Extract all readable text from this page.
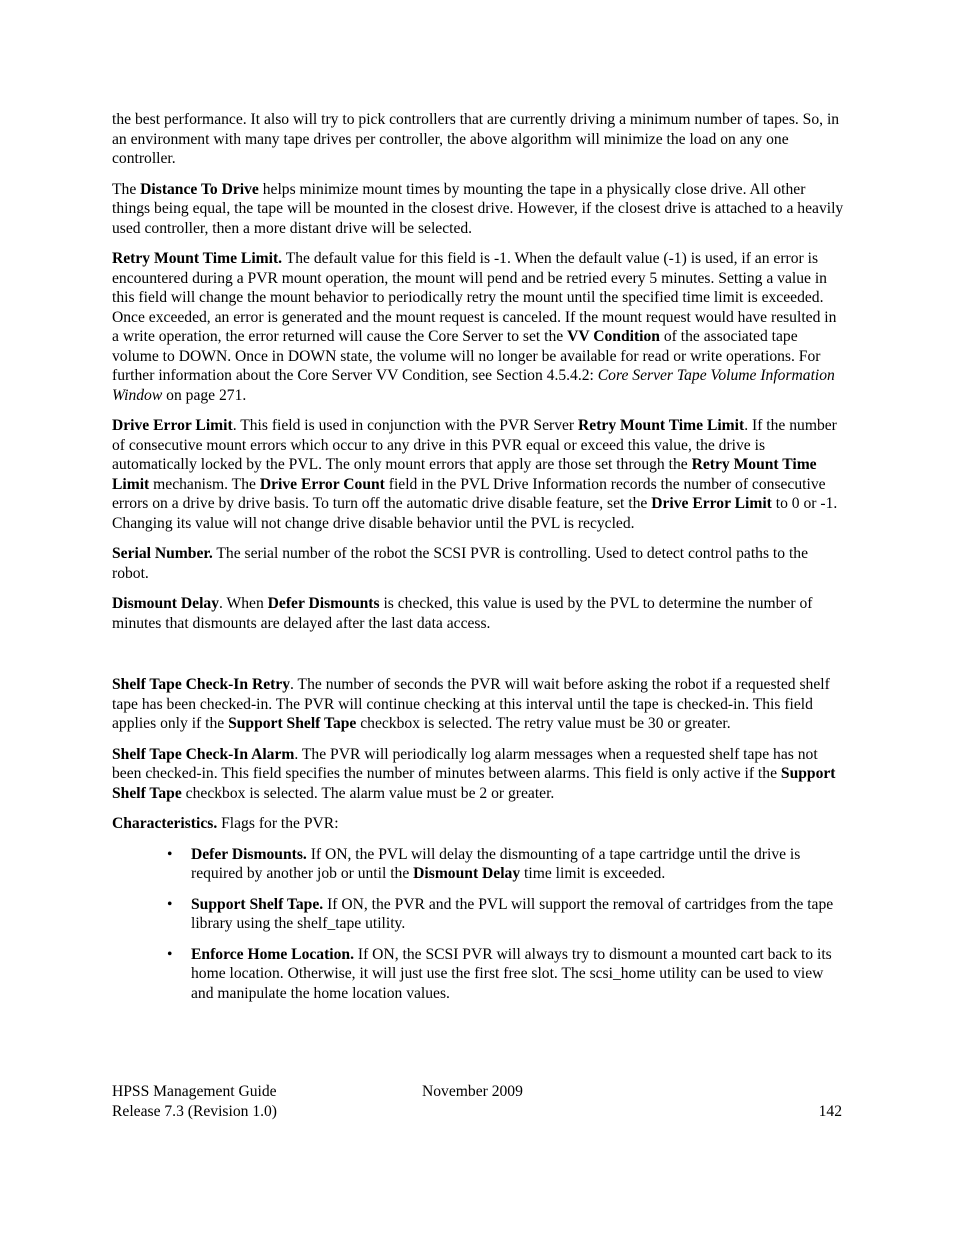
the best performance. It also will try to pick controllers that are currently driving a minimum number of tapes. So, in an environment with many tape drives per controller, the above algorithm will minimize the load on any one controller.

The Distance To Drive helps minimize mount times by mounting the tape in a physically close drive. All other things being equal, the tape will be mounted in the closest drive. However, if the closest drive is attached to a heavily used controller, then a more distant drive will be selected.

Retry Mount Time Limit. The default value for this field is -1. When the default value (-1) is used, if an error is encountered during a PVR mount operation, the mount will pend and be retried every 5 minutes. Setting a value in this field will change the mount behavior to periodically retry the mount until the specified time limit is exceeded. Once exceeded, an error is generated and the mount request is canceled. If the mount request would have resulted in a write operation, the error returned will cause the Core Server to set the VV Condition of the associated tape volume to DOWN. Once in DOWN state, the volume will no longer be available for read or write operations. For further information about the Core Server VV Condition, see Section 4.5.4.2: Core Server Tape Volume Information Window on page 271.

Drive Error Limit. This field is used in conjunction with the PVR Server Retry Mount Time Limit. If the number of consecutive mount errors which occur to any drive in this PVR equal or exceed this value, the drive is automatically locked by the PVL. The only mount errors that apply are those set through the Retry Mount Time Limit mechanism. The Drive Error Count field in the PVL Drive Information records the number of consecutive errors on a drive by drive basis. To turn off the automatic drive disable feature, set the Drive Error Limit to 0 or -1. Changing its value will not change drive disable behavior until the PVL is recycled.

Serial Number. The serial number of the robot the SCSI PVR is controlling. Used to detect control paths to the robot.

Dismount Delay. When Defer Dismounts is checked, this value is used by the PVL to determine the number of minutes that dismounts are delayed after the last data access.

Shelf Tape Check-In Retry. The number of seconds the PVR will wait before asking the robot if a requested shelf tape has been checked-in. The PVR will continue checking at this interval until the tape is checked-in. This field applies only if the Support Shelf Tape checkbox is selected. The retry value must be 30 or greater.

Shelf Tape Check-In Alarm. The PVR will periodically log alarm messages when a requested shelf tape has not been checked-in. This field specifies the number of minutes between alarms. This field is only active if the Support Shelf Tape checkbox is selected. The alarm value must be 2 or greater.

Characteristics. Flags for the PVR:

• Defer Dismounts. If ON, the PVL will delay the dismounting of a tape cartridge until the drive is required by another job or until the Dismount Delay time limit is exceeded.
• Support Shelf Tape. If ON, the PVR and the PVL will support the removal of cartridges from the tape library using the shelf_tape utility.
• Enforce Home Location. If ON, the SCSI PVR will always try to dismount a mounted cart back to its home location. Otherwise, it will just use the first free slot. The scsi_home utility can be used to view and manipulate the home location values.
HPSS Management Guide	November 2009
Release 7.3 (Revision 1.0)	142
